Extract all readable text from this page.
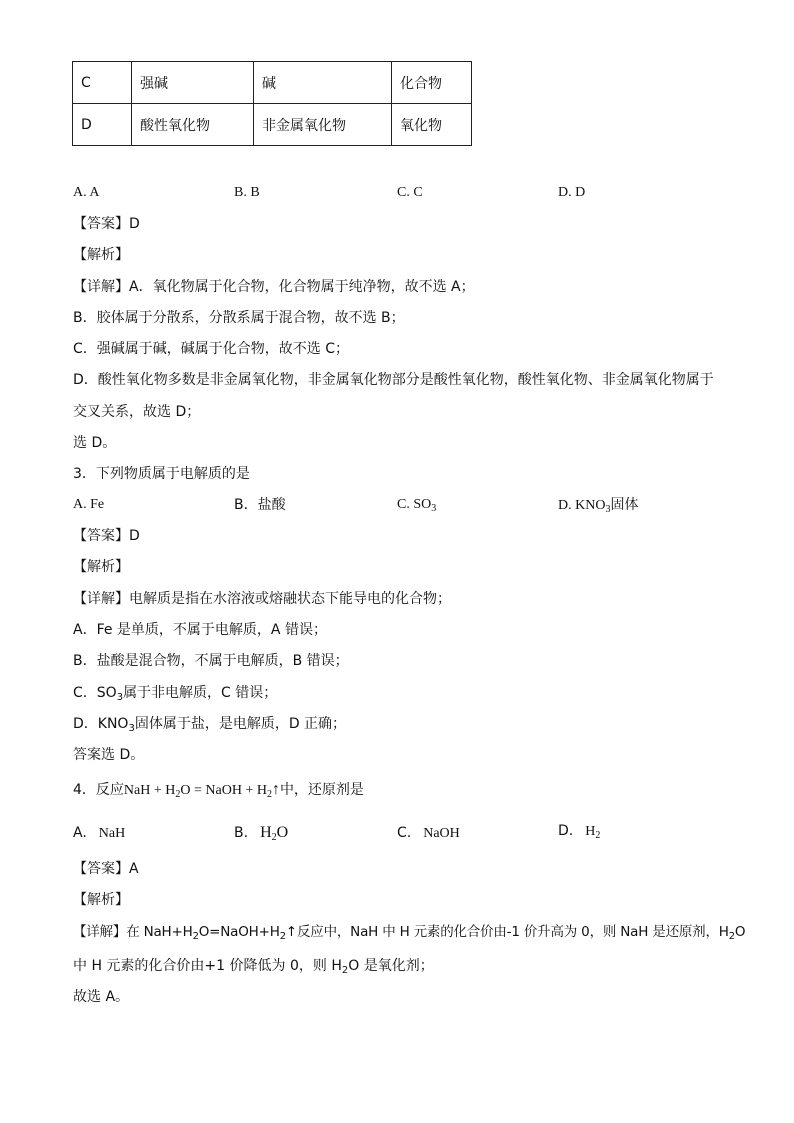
C	强碱	碱	化合物
D	酸性氧化物	非金属氧化物	氧化物
A. A	B. B	C. C	D. D
【答案】D
【解析】
【详解】A．氧化物属于化合物，化合物属于纯净物，故不选 A；
B．胶体属于分散系，分散系属于混合物，故不选 B；
C．强碱属于碱，碱属于化合物，故不选 C；
D．酸性氧化物多数是非金属氧化物，非金属氧化物部分是酸性氧化物，酸性氧化物、非金属氧化物属于
交叉关系，故选 D；
选 D。
3．下列物质属于电解质的是
A. Fe	B．盐酸	C. $SO_3$	D. $KNO_3$固体
【答案】D
【解析】
【详解】电解质是指在水溶液或熔融状态下能导电的化合物；
A．Fe 是单质，不属于电解质，A 错误；
B．盐酸是混合物，不属于电解质，B 错误；
C．$SO_3$属于非电解质，C 错误；
D．$KNO_3$固体属于盐，是电解质，D 正确；
答案选 D。
4．反应NaH + $H_2O$ = NaOH + $H_2↑$中，还原剂是
A. NaH	B. $H_2O$	C. NaOH	D. $H_2$
【答案】A
【解析】
【详解】在 $NaH+H_2O=NaOH+H_2↑$反应中，NaH 中 H 元素的化合价由-1 价升高为 0，则 NaH 是还原剂，$H_2O$
中 H 元素的化合价由+1 价降低为 0，则 $H_2O$ 是氧化剂；
故选 A。
